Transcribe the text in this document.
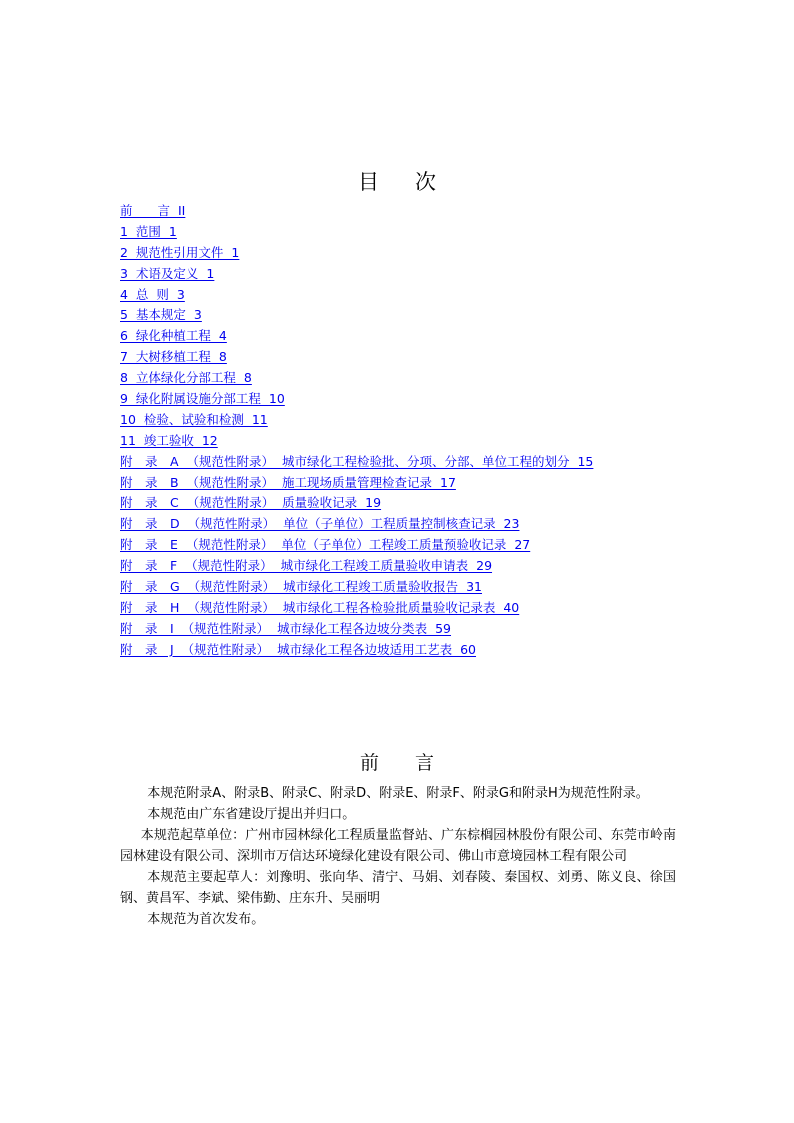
目 次
前　　言 II
1 范围 1
2 规范性引用文件 1
3 术语及定义 1
4 总 则 3
5 基本规定 3
6 绿化种植工程 4
7 大树移植工程 8
8 立体绿化分部工程 8
9 绿化附属设施分部工程 10
10 检验、试验和检测 11
11 竣工验收 12
附　录　A （规范性附录） 城市绿化工程检验批、分项、分部、单位工程的划分 15
附　录　B （规范性附录） 施工现场质量管理检查记录 17
附　录　C （规范性附录） 质量验收记录 19
附　录　D （规范性附录） 单位（子单位）工程质量控制核查记录 23
附　录　E （规范性附录） 单位（子单位）工程竣工质量预验收记录 27
附　录　F （规范性附录） 城市绿化工程竣工质量验收申请表 29
附　录　G （规范性附录） 城市绿化工程竣工质量验收报告 31
附　录　H （规范性附录） 城市绿化工程各检验批质量验收记录表 40
附　录　I （规范性附录） 城市绿化工程各边坡分类表 59
附　录　J （规范性附录） 城市绿化工程各边坡适用工艺表 60
前 言

本规范附录A、附录B、附录C、附录D、附录E、附录F、附录G和附录H为规范性附录。

本规范由广东省建设厅提出并归口。

本规范起草单位：广州市园林绿化工程质量监督站、广东棕榈园林股份有限公司、东莞市岭南园林建设有限公司、深圳市万信达环境绿化建设有限公司、佛山市意境园林工程有限公司

本规范主要起草人：刘豫明、张向华、清宁、马娟、刘春陵、秦国权、刘勇、陈义良、徐国钢、黄昌军、李斌、梁伟勤、庄东升、吴丽明

本规范为首次发布。
